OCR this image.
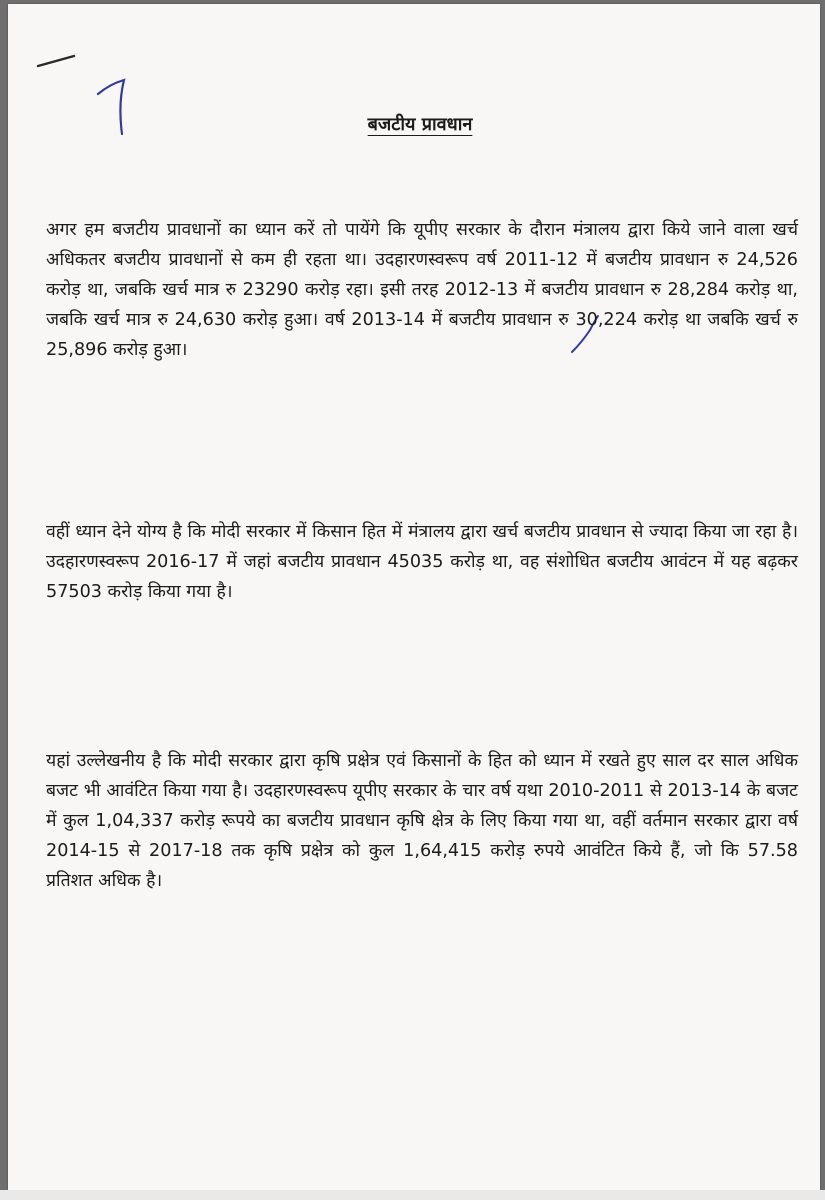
बजटीय प्रावधान

अगर हम बजटीय प्रावधानों का ध्यान करें तो पायेंगे कि यूपीए सरकार के दौरान मंत्रालय द्वारा किये जाने वाला खर्च अधिकतर बजटीय प्रावधानों से कम ही रहता था। उदहारणस्वरूप वर्ष 2011-12 में बजटीय प्रावधान रु 24,526 करोड़ था, जबकि खर्च मात्र रु 23290 करोड़ रहा। इसी तरह 2012-13 में बजटीय प्रावधान रु 28,284 करोड़ था, जबकि खर्च मात्र रु 24,630 करोड़ हुआ। वर्ष 2013-14 में बजटीय प्रावधान रु 30,224 करोड़ था जबकि खर्च रु 25,896 करोड़ हुआ।

वहीं ध्यान देने योग्य है कि मोदी सरकार में किसान हित में मंत्रालय द्वारा खर्च बजटीय प्रावधान से ज्यादा किया जा रहा है। उदहारणस्वरूप 2016-17 में जहां बजटीय प्रावधान 45035 करोड़ था, वह संशोधित बजटीय आवंटन में यह बढ़कर 57503 करोड़ किया गया है।

यहां उल्लेखनीय है कि मोदी सरकार द्वारा कृषि प्रक्षेत्र एवं किसानों के हित को ध्यान में रखते हुए साल दर साल अधिक बजट भी आवंटित किया गया है। उदहारणस्वरूप यूपीए सरकार के चार वर्ष यथा 2010-2011 से 2013-14 के बजट में कुल 1,04,337 करोड़ रूपये का बजटीय प्रावधान कृषि क्षेत्र के लिए किया गया था, वहीं वर्तमान सरकार द्वारा वर्ष 2014-15 से 2017-18 तक कृषि प्रक्षेत्र को कुल 1,64,415 करोड़ रुपये आवंटित किये हैं, जो कि 57.58 प्रतिशत अधिक है।
